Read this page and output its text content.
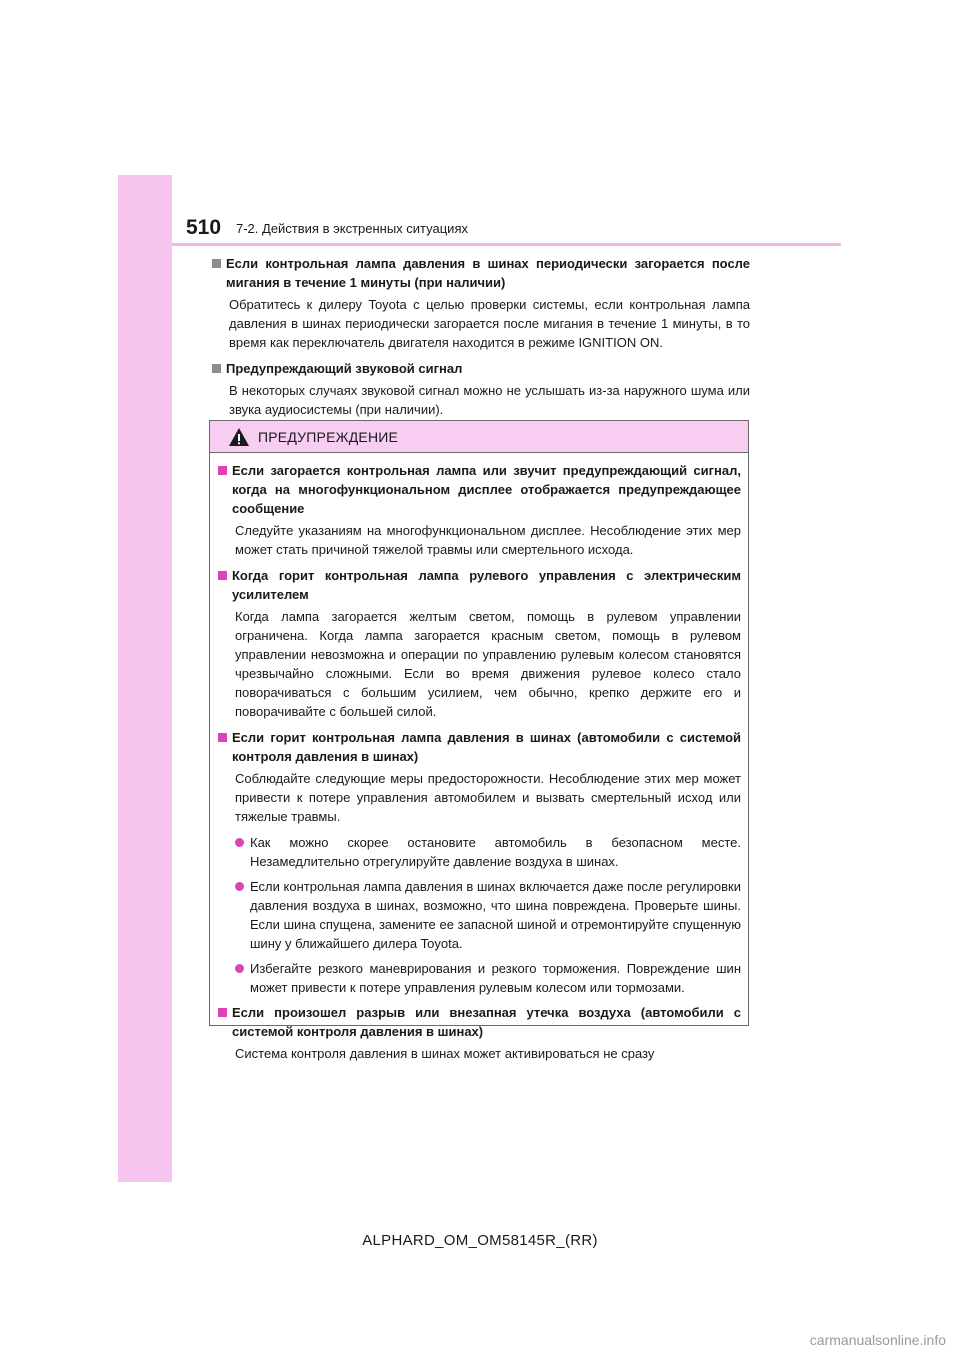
510 7-2. Действия в экстренных ситуациях
Если контрольная лампа давления в шинах периодически загорается после мигания в течение 1 минуты (при наличии)
Обратитесь к дилеру Toyota с целью проверки системы, если контрольная лампа давления в шинах периодически загорается после мигания в течение 1 минуты, в то время как переключатель двигателя находится в режиме IGNITION ON.
Предупреждающий звуковой сигнал
В некоторых случаях звуковой сигнал можно не услышать из-за наружного шума или звука аудиосистемы (при наличии).
ПРЕДУПРЕЖДЕНИЕ
Если загорается контрольная лампа или звучит предупреждающий сигнал, когда на многофункциональном дисплее отображается предупреждающее сообщение
Следуйте указаниям на многофункциональном дисплее. Несоблюдение этих мер может стать причиной тяжелой травмы или смертельного исхода.
Когда горит контрольная лампа рулевого управления с электрическим усилителем
Когда лампа загорается желтым светом, помощь в рулевом управлении ограничена. Когда лампа загорается красным светом, помощь в рулевом управлении невозможна и операции по управлению рулевым колесом становятся чрезвычайно сложными. Если во время движения рулевое колесо стало поворачиваться с большим усилием, чем обычно, крепко держите его и поворачивайте с большей силой.
Если горит контрольная лампа давления в шинах (автомобили с системой контроля давления в шинах)
Соблюдайте следующие меры предосторожности. Несоблюдение этих мер может привести к потере управления автомобилем и вызвать смертельный исход или тяжелые травмы.
Как можно скорее остановите автомобиль в безопасном месте. Незамедлительно отрегулируйте давление воздуха в шинах.
Если контрольная лампа давления в шинах включается даже после регулировки давления воздуха в шинах, возможно, что шина повреждена. Проверьте шины. Если шина спущена, замените ее запасной шиной и отремонтируйте спущенную шину у ближайшего дилера Toyota.
Избегайте резкого маневрирования и резкого торможения. Повреждение шин может привести к потере управления рулевым колесом или тормозами.
Если произошел разрыв или внезапная утечка воздуха (автомобили с системой контроля давления в шинах)
Система контроля давления в шинах может активироваться не сразу
ALPHARD_OM_OM58145R_(RR)
carmanualsonline.info
